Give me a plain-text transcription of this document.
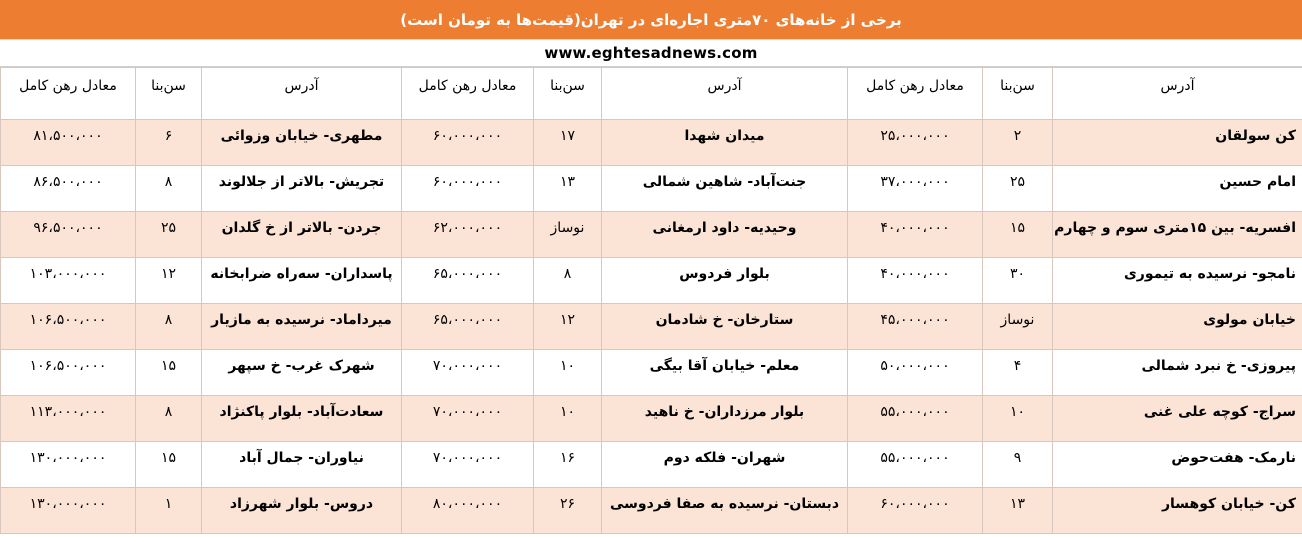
برخی از خانه‌های ۷۰متری اجاره‌ای در تهران(قیمت‌ها به تومان است)
www.eghtesadnews.com
آدرس	سن‌بنا	معادل رهن کامل	آدرس	سن‌بنا	معادل رهن کامل	آدرس	سن‌بنا	معادل رهن کامل
کن سولقان	۲	۲۵،۰۰۰،۰۰۰	میدان شهدا	۱۷	۶۰،۰۰۰،۰۰۰	مطهری- خیابان وزوائی	۶	۸۱،۵۰۰،۰۰۰
امام حسین	۲۵	۳۷،۰۰۰،۰۰۰	جنت‌آباد- شاهین شمالی	۱۳	۶۰،۰۰۰،۰۰۰	تجریش- بالاتر از جلالوند	۸	۸۶،۵۰۰،۰۰۰
افسریه- بین ۱۵متری سوم و چهارم	۱۵	۴۰،۰۰۰،۰۰۰	وحیدیه- داود ارمغانی	نوساز	۶۲،۰۰۰،۰۰۰	جردن- بالاتر از خ گلدان	۲۵	۹۶،۵۰۰،۰۰۰
نامجو- نرسیده به تیموری	۳۰	۴۰،۰۰۰،۰۰۰	بلوار فردوس	۸	۶۵،۰۰۰،۰۰۰	پاسداران- سه‌راه ضرابخانه	۱۲	۱۰۳،۰۰۰،۰۰۰
خیابان مولوی	نوساز	۴۵،۰۰۰،۰۰۰	ستارخان- خ شادمان	۱۲	۶۵،۰۰۰،۰۰۰	میرداماد- نرسیده به مازیار	۸	۱۰۶،۵۰۰،۰۰۰
پیروزی- خ نبرد شمالی	۴	۵۰،۰۰۰،۰۰۰	معلم- خیابان آقا بیگی	۱۰	۷۰،۰۰۰،۰۰۰	شهرک غرب- خ سپهر	۱۵	۱۰۶،۵۰۰،۰۰۰
سراج- کوچه علی غنی	۱۰	۵۵،۰۰۰،۰۰۰	بلوار مرزداران- خ ناهید	۱۰	۷۰،۰۰۰،۰۰۰	سعادت‌آباد- بلوار پاکنژاد	۸	۱۱۳،۰۰۰،۰۰۰
نارمک- هفت‌حوض	۹	۵۵،۰۰۰،۰۰۰	شهران- فلکه دوم	۱۶	۷۰،۰۰۰،۰۰۰	نیاوران- جمال آباد	۱۵	۱۳۰،۰۰۰،۰۰۰
کن- خیابان کوهسار	۱۳	۶۰،۰۰۰،۰۰۰	دبستان- نرسیده به صفا فردوسی	۲۶	۸۰،۰۰۰،۰۰۰	دروس- بلوار شهرزاد	۱	۱۳۰،۰۰۰،۰۰۰
